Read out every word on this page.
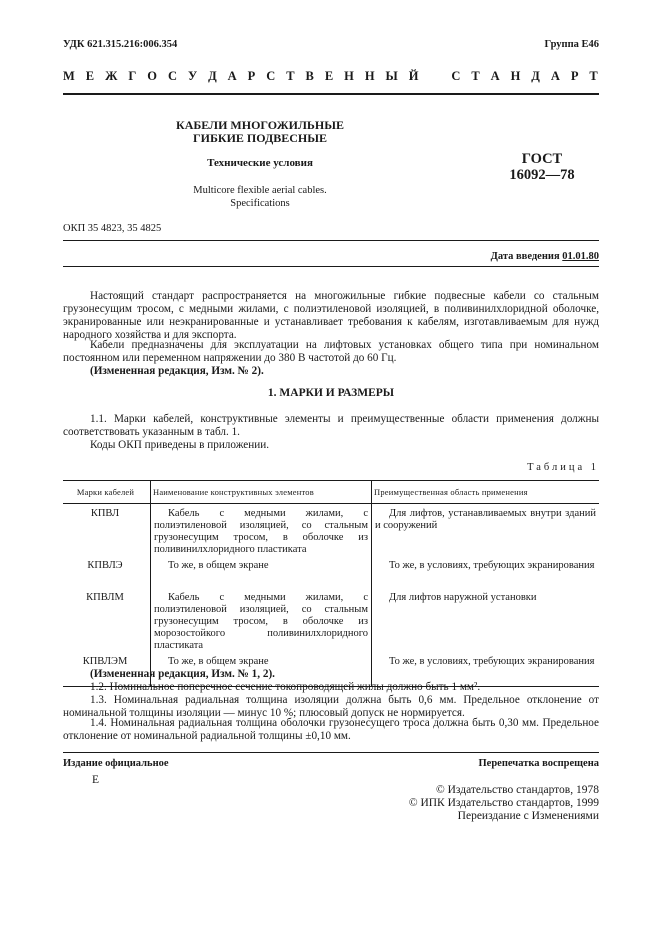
УДК 621.315.216:006.354	Группа Е46
М Е Ж Г О С У Д А Р С Т В Е Н Н Ы Й	С Т А Н Д А Р Т
КАБЕЛИ МНОГОЖИЛЬНЫЕ
ГИБКИЕ ПОДВЕСНЫЕ
Технические условия
Multicore flexible aerial cables.
Specifications
ГОСТ
16092—78
ОКП 35 4823, 35 4825
Дата введения 01.01.80
Настоящий стандарт распространяется на многожильные гибкие подвесные кабели со стальным грузонесущим тросом, с медными жилами, с полиэтиленовой изоляцией, в поливинилхлоридной оболочке, экранированные или неэкранированные и устанавливает требования к кабелям, изготавливаемым для нужд народного хозяйства и для экспорта.
Кабели предназначены для эксплуатации на лифтовых установках общего типа при номинальном постоянном или переменном напряжении до 380 В частотой до 60 Гц.
(Измененная редакция, Изм. № 2).
1. МАРКИ И РАЗМЕРЫ
1.1. Марки кабелей, конструктивные элементы и преимущественные области применения должны соответствовать указанным в табл. 1.
Коды ОКП приведены в приложении.
Таблица 1
Марки кабелей	Наименование конструктивных элементов	Преимущественная область применения
КПВЛ	Кабель с медными жилами, с полиэтиленовой изоляцией, со стальным грузонесущим тросом, в оболочке из поливинилхлоридного пластиката	Для лифтов, устанавливаемых внутри зданий и сооружений

КПВЛЭ	То же, в общем экране	То же, в условиях, требующих экранирования

КПВЛМ	Кабель с медными жилами, с полиэтиленовой изоляцией, со стальным грузонесущим тросом, в оболочке из морозостойкого поливинилхлоридного пластиката	Для лифтов наружной установки

КПВЛЭМ	То же, в общем экране	То же, в условиях, требующих экранирования
(Измененная редакция, Изм. № 1, 2).
1.2. Номинальное поперечное сечение токопроводящей жилы должно быть 1 мм².
1.3. Номинальная радиальная толщина изоляции должна быть 0,6 мм. Предельное отклонение от номинальной толщины изоляции — минус 10 %; плюсовый допуск не нормируется.
1.4. Номинальная радиальная толщина оболочки грузонесущего троса должна быть 0,30 мм. Предельное отклонение от номинальной радиальной толщины ±0,10 мм.
Издание официальное	Перепечатка воспрещена
Е
© Издательство стандартов, 1978
© ИПК Издательство стандартов, 1999
Переиздание с Изменениями
